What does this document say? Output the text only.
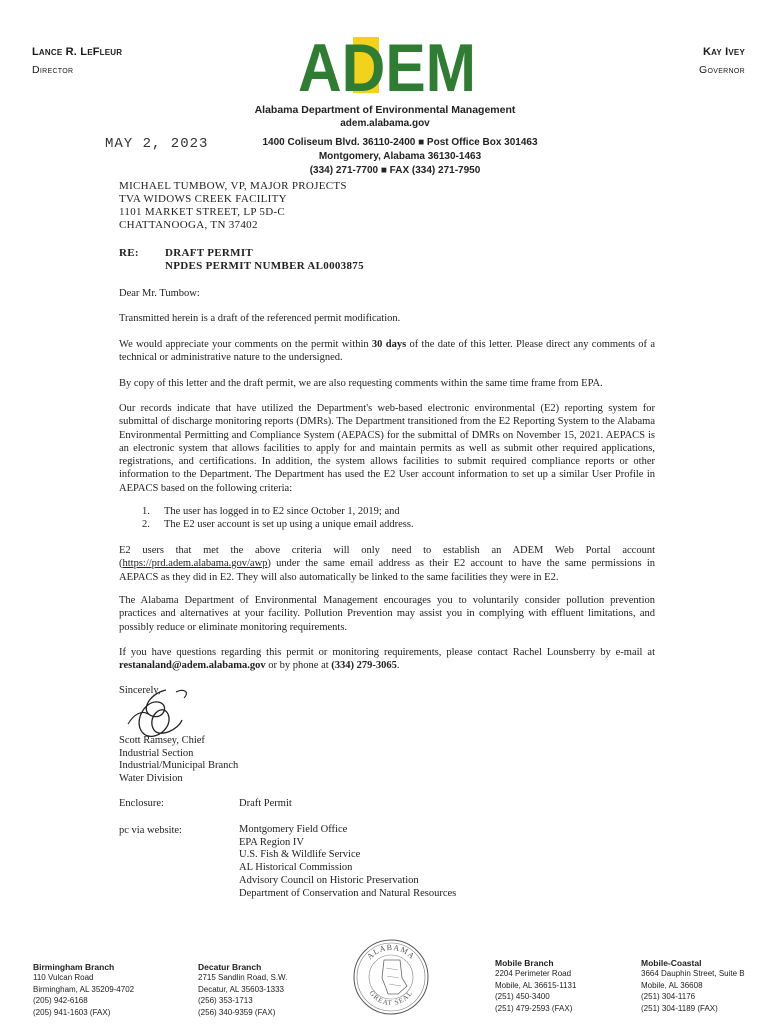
Lance R. LeFleur
Director
Kay Ivey
Governor
ADEM
Alabama Department of Environmental Management
adem.alabama.gov
MAY 2, 2023	1400 Coliseum Blvd. 36110-2400 ■ Post Office Box 301463
Montgomery, Alabama 36130-1463
(334) 271-7700 ■ FAX (334) 271-7950
MICHAEL TUMBOW, VP, MAJOR PROJECTS
TVA WIDOWS CREEK FACILITY
1101 MARKET STREET, LP 5D-C
CHATTANOOGA, TN 37402
RE: DRAFT PERMIT
NPDES PERMIT NUMBER AL0003875
Dear Mr. Tumbow:
Transmitted herein is a draft of the referenced permit modification.
We would appreciate your comments on the permit within 30 days of the date of this letter. Please direct any comments of a technical or administrative nature to the undersigned.
By copy of this letter and the draft permit, we are also requesting comments within the same time frame from EPA.
Our records indicate that have utilized the Department's web-based electronic environmental (E2) reporting system for submittal of discharge monitoring reports (DMRs). The Department transitioned from the E2 Reporting System to the Alabama Environmental Permitting and Compliance System (AEPACS) for the submittal of DMRs on November 15, 2021. AEPACS is an electronic system that allows facilities to apply for and maintain permits as well as submit other required applications, registrations, and certifications. In addition, the system allows facilities to submit required compliance reports or other information to the Department. The Department has used the E2 User account information to set up a similar User Profile in AEPACS based on the following criteria:
1. The user has logged in to E2 since October 1, 2019; and
2. The E2 user account is set up using a unique email address.
E2 users that met the above criteria will only need to establish an ADEM Web Portal account (https://prd.adem.alabama.gov/awp) under the same email address as their E2 account to have the same permissions in AEPACS as they did in E2. They will also automatically be linked to the same facilities they were in E2.
The Alabama Department of Environmental Management encourages you to voluntarily consider pollution prevention practices and alternatives at your facility. Pollution Prevention may assist you in complying with effluent limitations, and possibly reduce or eliminate monitoring requirements.
If you have questions regarding this permit or monitoring requirements, please contact Rachel Lounsberry by e-mail at restanaland@adem.alabama.gov or by phone at (334) 279-3065.
Sincerely,
Scott Ramsey, Chief
Industrial Section
Industrial/Municipal Branch
Water Division
Enclosure:	Draft Permit
pc via website:	Montgomery Field Office
EPA Region IV
U.S. Fish & Wildlife Service
AL Historical Commission
Advisory Council on Historic Preservation
Department of Conservation and Natural Resources
Birmingham Branch
110 Vulcan Road
Birmingham, AL 35209-4702
(205) 942-6168
(205) 941-1603 (FAX)
Decatur Branch
2715 Sandlin Road, S.W.
Decatur, AL 35603-1333
(256) 353-1713
(256) 340-9359 (FAX)
ALABAMA
GREAT SEAL
Mobile Branch
2204 Perimeter Road
Mobile, AL 36615-1131
(251) 450-3400
(251) 479-2593 (FAX)
Mobile-Coastal
3664 Dauphin Street, Suite B
Mobile, AL 36608
(251) 304-1176
(251) 304-1189 (FAX)
